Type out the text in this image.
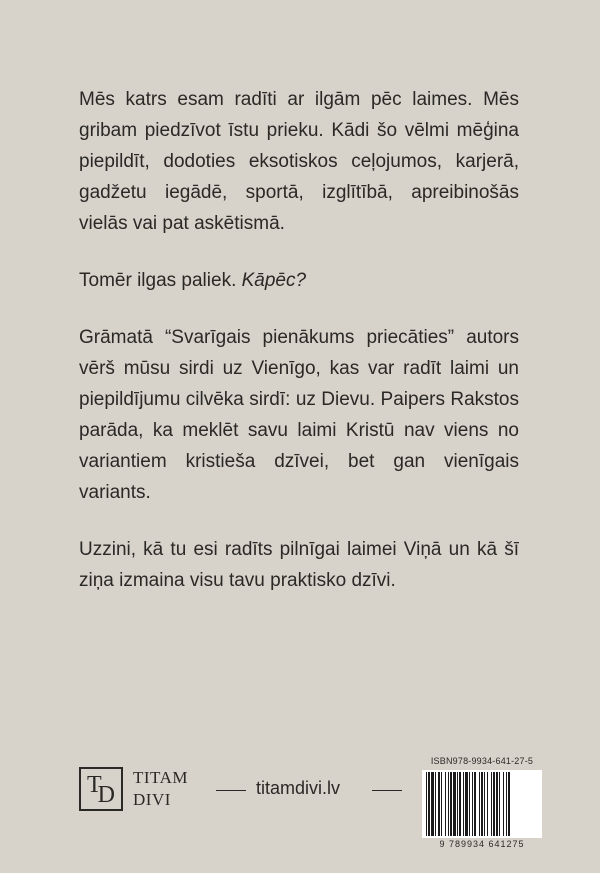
Mēs katrs esam radīti ar ilgām pēc laimes. Mēs gribam piedzīvot īstu prieku. Kādi šo vēlmi mēģina piepildīt, dodoties eksotiskos ceļojumos, karjerā, gadžetu iegādē, sportā, izglītībā, apreibinošās vielās vai pat askētismā.

Tomēr ilgas paliek. Kāpēc?

Grāmatā “Svarīgais pienākums priecāties” autors vērš mūsu sirdi uz Vienīgo, kas var radīt laimi un piepildījumu cilvēka sirdī: uz Dievu. Paipers Rakstos parāda, ka meklēt savu laimi Kristū nav viens no variantiem kristieša dzīvei, bet gan vienīgais variants.

Uzzini, kā tu esi radīts pilnīgai laimei Viņā un kā šī ziņa izmaina visu tavu praktisko dzīvi.

T
D
TITAM
DIVI
titamdivi.lv
ISBN978-9934-641-27-5
9 789934 641275
